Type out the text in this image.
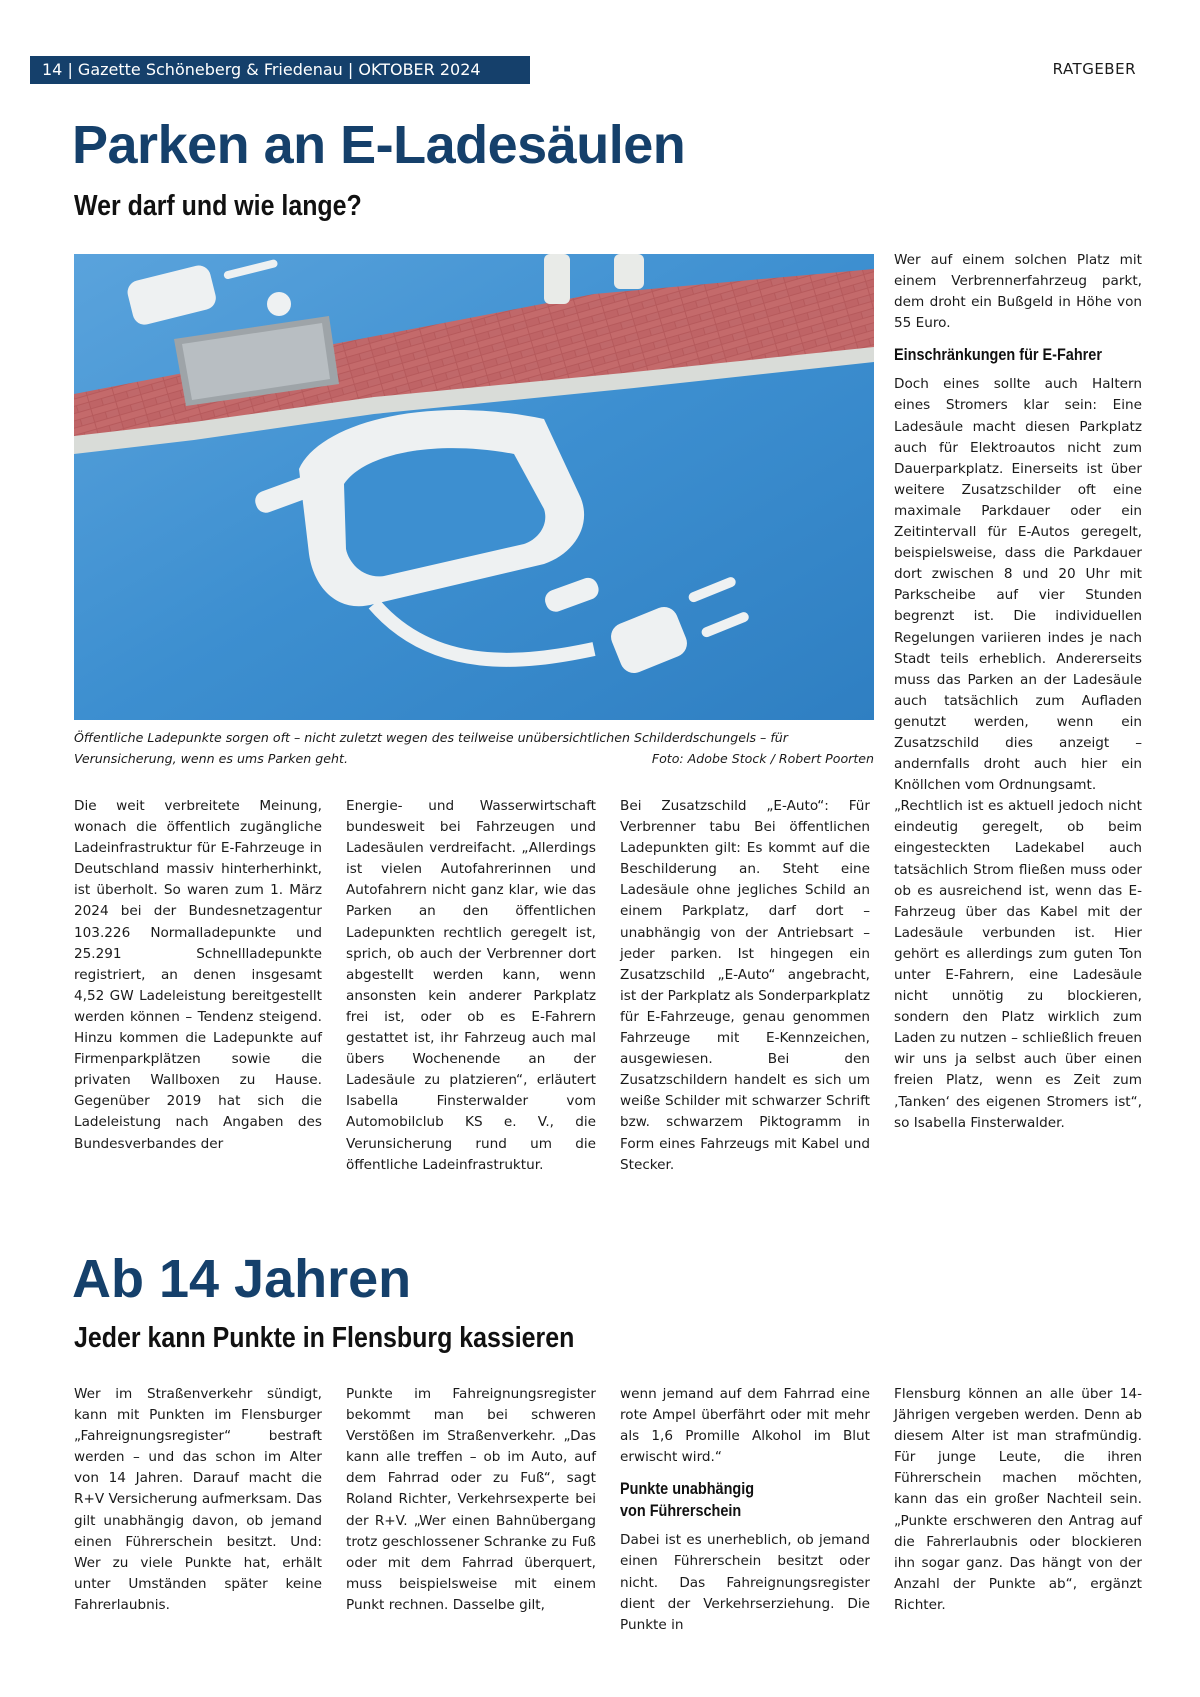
14 | Gazette Schöneberg & Friedenau | OKTOBER 2024	RATGEBER
Parken an E-Ladesäulen
Wer darf und wie lange?
Öffentliche Ladepunkte sorgen oft – nicht zuletzt wegen des teilweise unübersichtlichen Schilderdschungels – für Verunsicherung, wenn es ums Parken geht.	Foto: Adobe Stock / Robert Poorten

Die weit verbreitete Meinung, wonach die öffentlich zugängliche Ladeinfrastruktur für E-Fahrzeuge in Deutschland massiv hinterherhinkt, ist überholt. So waren zum 1. März 2024 bei der Bundesnetzagentur 103.226 Normalladepunkte und 25.291 Schnellladepunkte registriert, an denen insgesamt 4,52 GW Ladeleistung bereitgestellt werden können – Tendenz steigend. Hinzu kommen die Ladepunkte auf Firmenparkplätzen sowie die privaten Wallboxen zu Hause. Gegenüber 2019 hat sich die Ladeleistung nach Angaben des Bundesverbandes der

Energie- und Wasserwirtschaft bundesweit bei Fahrzeugen und Ladesäulen verdreifacht. „Allerdings ist vielen Autofahrerinnen und Autofahrern nicht ganz klar, wie das Parken an den öffentlichen Ladepunkten rechtlich geregelt ist, sprich, ob auch der Verbrenner dort abgestellt werden kann, wenn ansonsten kein anderer Parkplatz frei ist, oder ob es E-Fahrern gestattet ist, ihr Fahrzeug auch mal übers Wochenende an der Ladesäule zu platzieren“, erläutert Isabella Finsterwalder vom Automobilclub KS e. V., die Verunsicherung rund um die öffentliche Ladeinfrastruktur.

Bei Zusatzschild „E-Auto“: Für Verbrenner tabu Bei öffentlichen Ladepunkten gilt: Es kommt auf die Beschilderung an. Steht eine Ladesäule ohne jegliches Schild an einem Parkplatz, darf dort – unabhängig von der Antriebsart – jeder parken. Ist hingegen ein Zusatzschild „E-Auto“ angebracht, ist der Parkplatz als Sonderparkplatz für E-Fahrzeuge, genau genommen Fahrzeuge mit E-Kennzeichen, ausgewiesen. Bei den Zusatzschildern handelt es sich um weiße Schilder mit schwarzer Schrift bzw. schwarzem Piktogramm in Form eines Fahrzeugs mit Kabel und Stecker.

Wer auf einem solchen Platz mit einem Verbrennerfahrzeug parkt, dem droht ein Bußgeld in Höhe von 55 Euro.

Einschränkungen für E-Fahrer

Doch eines sollte auch Haltern eines Stromers klar sein: Eine Ladesäule macht diesen Parkplatz auch für Elektroautos nicht zum Dauerparkplatz. Einerseits ist über weitere Zusatzschilder oft eine maximale Parkdauer oder ein Zeitintervall für E-Autos geregelt, beispielsweise, dass die Parkdauer dort zwischen 8 und 20 Uhr mit Parkscheibe auf vier Stunden begrenzt ist. Die individuellen Regelungen variieren indes je nach Stadt teils erheblich. Andererseits muss das Parken an der Ladesäule auch tatsächlich zum Aufladen genutzt werden, wenn ein Zusatzschild dies anzeigt – andernfalls droht auch hier ein Knöllchen vom Ordnungsamt.

„Rechtlich ist es aktuell jedoch nicht eindeutig geregelt, ob beim eingesteckten Ladekabel auch tatsächlich Strom fließen muss oder ob es ausreichend ist, wenn das E-Fahrzeug über das Kabel mit der Ladesäule verbunden ist. Hier gehört es allerdings zum guten Ton unter E-Fahrern, eine Ladesäule nicht unnötig zu blockieren, sondern den Platz wirklich zum Laden zu nutzen – schließlich freuen wir uns ja selbst auch über einen freien Platz, wenn es Zeit zum ‚Tanken‘ des eigenen Stromers ist“, so Isabella Finsterwalder.

Ab 14 Jahren
Jeder kann Punkte in Flensburg kassieren

Wer im Straßenverkehr sündigt, kann mit Punkten im Flensburger „Fahreignungsregister“ bestraft werden – und das schon im Alter von 14 Jahren. Darauf macht die R+V Versicherung aufmerksam. Das gilt unabhängig davon, ob jemand einen Führerschein besitzt. Und: Wer zu viele Punkte hat, erhält unter Umständen später keine Fahrerlaubnis.

Punkte im Fahreignungsregister bekommt man bei schweren Verstößen im Straßenverkehr. „Das kann alle treffen – ob im Auto, auf dem Fahrrad oder zu Fuß“, sagt Roland Richter, Verkehrsexperte bei der R+V. „Wer einen Bahnübergang trotz geschlossener Schranke zu Fuß oder mit dem Fahrrad überquert, muss beispielsweise mit einem Punkt rechnen. Dasselbe gilt,

wenn jemand auf dem Fahrrad eine rote Ampel überfährt oder mit mehr als 1,6 Promille Alkohol im Blut erwischt wird.“

Punkte unabhängig
von Führerschein

Dabei ist es unerheblich, ob jemand einen Führerschein besitzt oder nicht. Das Fahreignungsregister dient der Verkehrserziehung. Die Punkte in

Flensburg können an alle über 14-Jährigen vergeben werden. Denn ab diesem Alter ist man strafmündig. Für junge Leute, die ihren Führerschein machen möchten, kann das ein großer Nachteil sein. „Punkte erschweren den Antrag auf die Fahrerlaubnis oder blockieren ihn sogar ganz. Das hängt von der Anzahl der Punkte ab“, ergänzt Richter.
